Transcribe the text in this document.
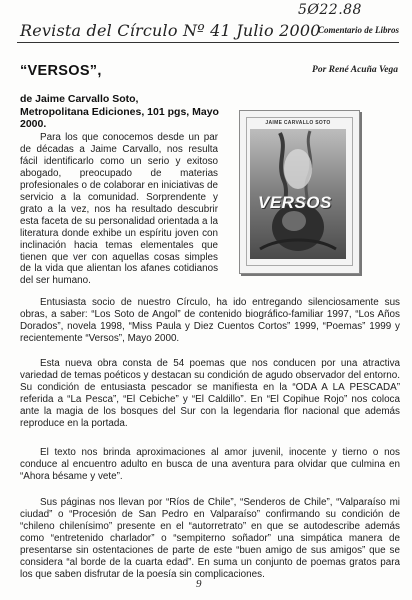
5Ø22.88
Revista del Círculo Nº 41 Julio 2000
Comentario de Libros
“VERSOS”,	Por René Acuña Vega
de Jaime Carvallo Soto,
Metropolitana Ediciones, 101 pgs, Mayo
2000.

Para los que conocemos desde un par de décadas a Jaime Carvallo, nos resulta fácil identificarlo como un serio y exitoso abogado, preocupado de materias profesionales o de colaborar en iniciativas de servicio a la comunidad. Sorprendente y grato a la vez, nos ha resultado descubrir esta faceta de su personalidad orientada a la literatura donde exhibe un espíritu joven con inclinación hacia temas elementales que tienen que ver con aquellas cosas simples de la vida que alientan los afanes cotidianos del ser humano.

JAIME CARVALLO SOTO
VERSOS

Entusiasta socio de nuestro Círculo, ha ido entregando silenciosamente sus obras, a saber: “Los Soto de Angol” de contenido biográfico-familiar 1997, “Los Años Dorados”, novela 1998, “Miss Paula y Diez Cuentos Cortos” 1999, “Poemas” 1999 y recientemente “Versos”, Mayo 2000.

Esta nueva obra consta de 54 poemas que nos conducen por una atractiva variedad de temas poéticos y destacan su condición de agudo observador del entorno. Su condición de entusiasta pescador se manifiesta en la “ODA A LA PESCADA” referida a “La Pesca”, “El Cebiche” y “El Caldillo”. En “El Copihue Rojo” nos coloca ante la magia de los bosques del Sur con la legendaria flor nacional que además reproduce en la portada.

El texto nos brinda aproximaciones al amor juvenil, inocente y tierno o nos conduce al encuentro adulto en busca de una aventura para olvidar que culmina en “Ahora bésame y vete”.

Sus páginas nos llevan por “Ríos de Chile”, “Senderos de Chile”, “Valparaíso mi ciudad” o “Procesión de San Pedro en Valparaíso” confirmando su condición de “chileno chilenísimo” presente en el “autorretrato” en que se autodescribe además como “entretenido charlador” o “sempiterno soñador” una simpática manera de presentarse sin ostentaciones de parte de este “buen amigo de sus amigos” que se considera “al borde de la cuarta edad”. En suma un conjunto de poemas gratos para los que saben disfrutar de la poesía sin complicaciones.

9
